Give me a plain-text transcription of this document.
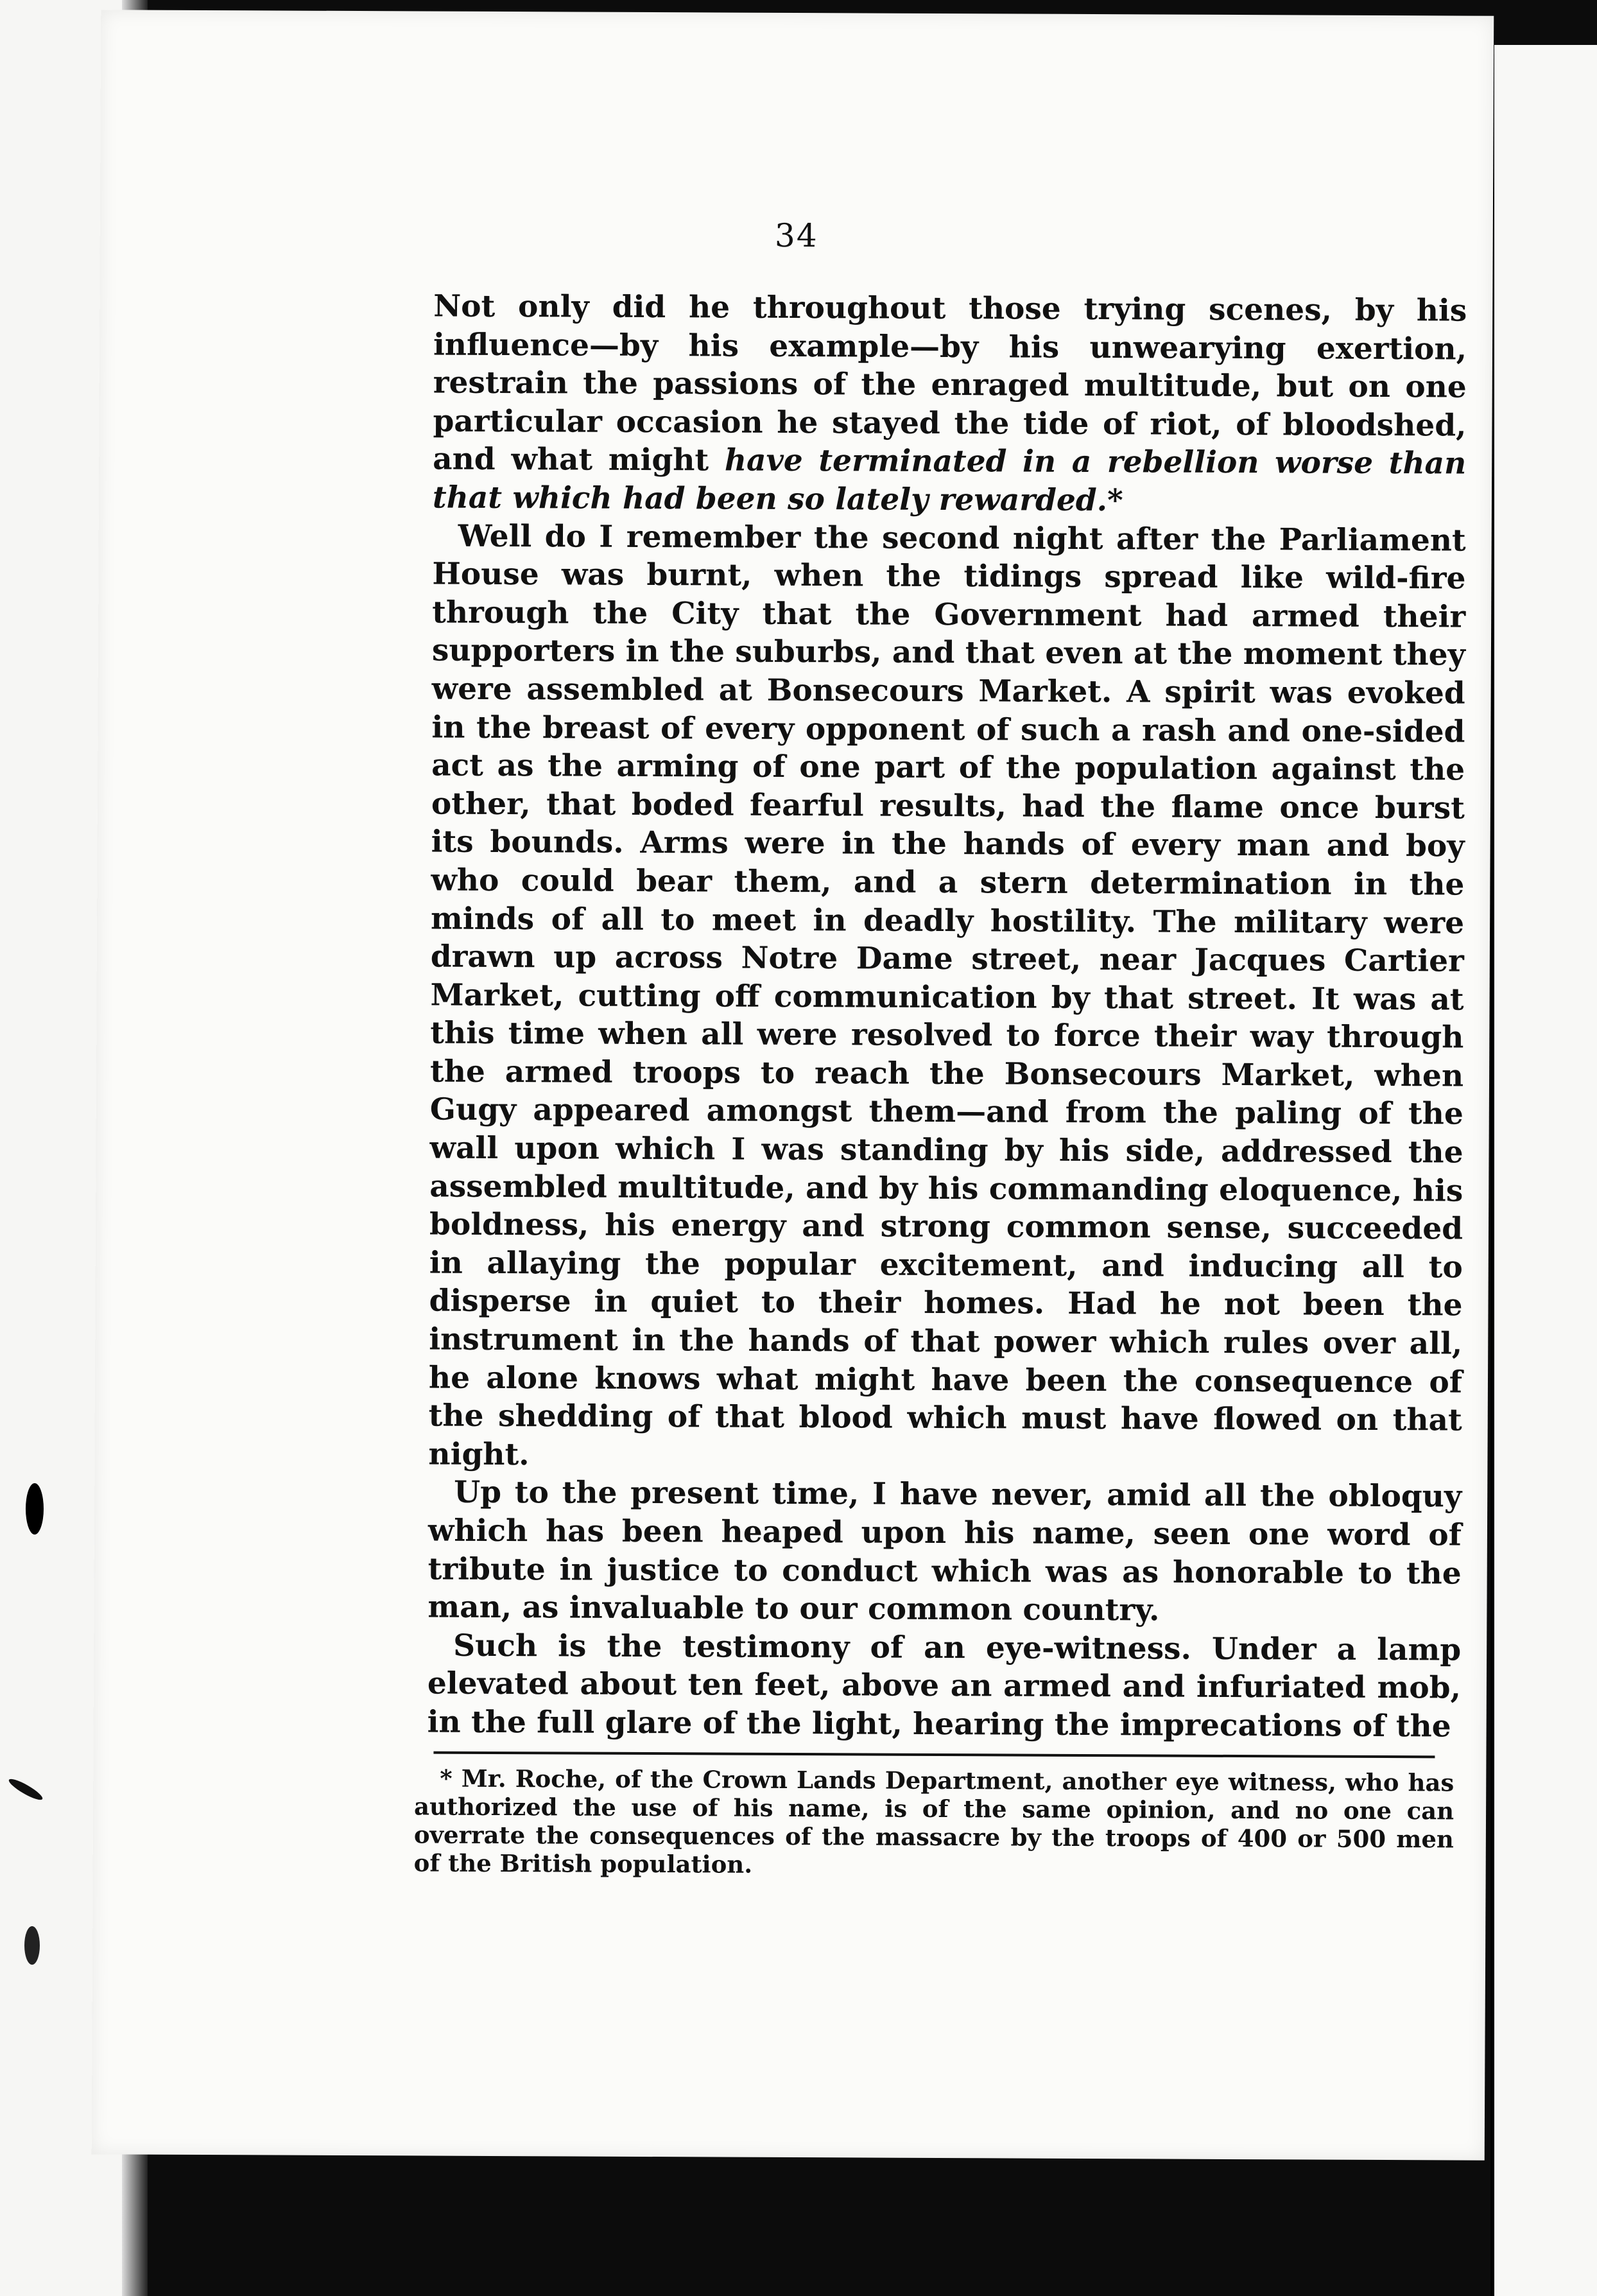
34

Not only did he throughout those trying scenes, by his influence—by his example—by his unwearying exertion, restrain the passions of the enraged multitude, but on one particular occasion he stayed the tide of riot, of bloodshed, and what might have terminated in a rebellion worse than that which had been so lately rewarded.*

Well do I remember the second night after the Parliament House was burnt, when the tidings spread like wild-fire through the City that the Government had armed their supporters in the suburbs, and that even at the moment they were assembled at Bonsecours Market. A spirit was evoked in the breast of every opponent of such a rash and one-sided act as the arming of one part of the population against the other, that boded fearful results, had the flame once burst its bounds. Arms were in the hands of every man and boy who could bear them, and a stern determination in the minds of all to meet in deadly hostility. The military were drawn up across Notre Dame street, near Jacques Cartier Market, cutting off communication by that street. It was at this time when all were resolved to force their way through the armed troops to reach the Bonsecours Market, when Gugy appeared amongst them—and from the paling of the wall upon which I was standing by his side, addressed the assembled multitude, and by his commanding eloquence, his boldness, his energy and strong common sense, succeeded in allaying the popular excitement, and inducing all to disperse in quiet to their homes. Had he not been the instrument in the hands of that power which rules over all, he alone knows what might have been the consequence of the shedding of that blood which must have flowed on that night.

Up to the present time, I have never, amid all the obloquy which has been heaped upon his name, seen one word of tribute in justice to conduct which was as honorable to the man, as invaluable to our common country.

Such is the testimony of an eye-witness. Under a lamp elevated about ten feet, above an armed and infuriated mob, in the full glare of the light, hearing the imprecations of the

* Mr. Roche, of the Crown Lands Department, another eye witness, who has authorized the use of his name, is of the same opinion, and no one can overrate the consequences of the massacre by the troops of 400 or 500 men of the British population.
